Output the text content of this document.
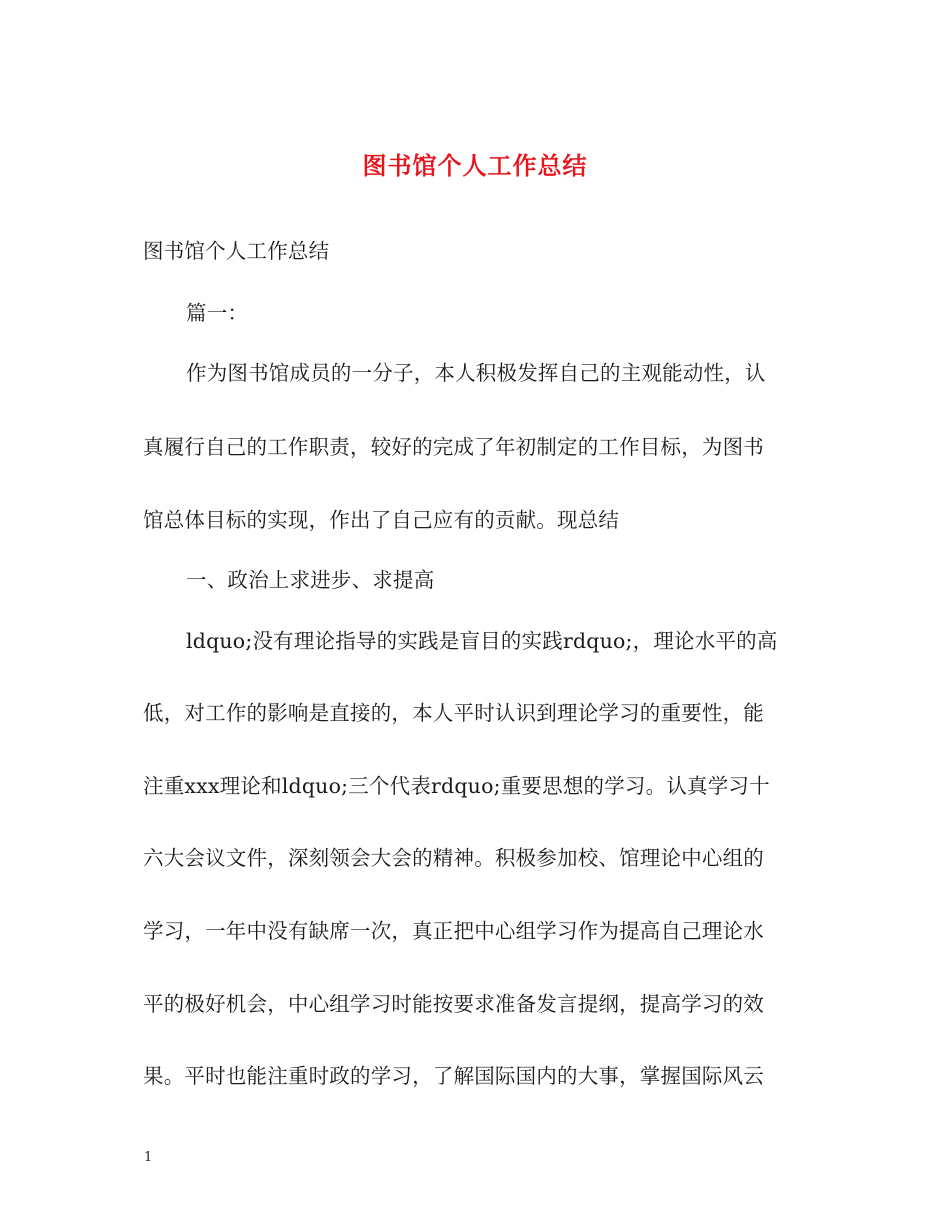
图书馆个人工作总结
图书馆个人工作总结
篇一：
作为图书馆成员的一分子，本人积极发挥自己的主观能动性，认
真履行自己的工作职责，较好的完成了年初制定的工作目标，为图书
馆总体目标的实现，作出了自己应有的贡献。现总结
一、政治上求进步、求提高
ldquo;没有理论指导的实践是盲目的实践rdquo;，理论水平的高
低，对工作的影响是直接的，本人平时认识到理论学习的重要性，能
注重xxx理论和ldquo;三个代表rdquo;重要思想的学习。认真学习十
六大会议文件，深刻领会大会的精神。积极参加校、馆理论中心组的
学习，一年中没有缺席一次，真正把中心组学习作为提高自己理论水
平的极好机会，中心组学习时能按要求准备发言提纲，提高学习的效
果。平时也能注重时政的学习，了解国际国内的大事，掌握国际风云
1
